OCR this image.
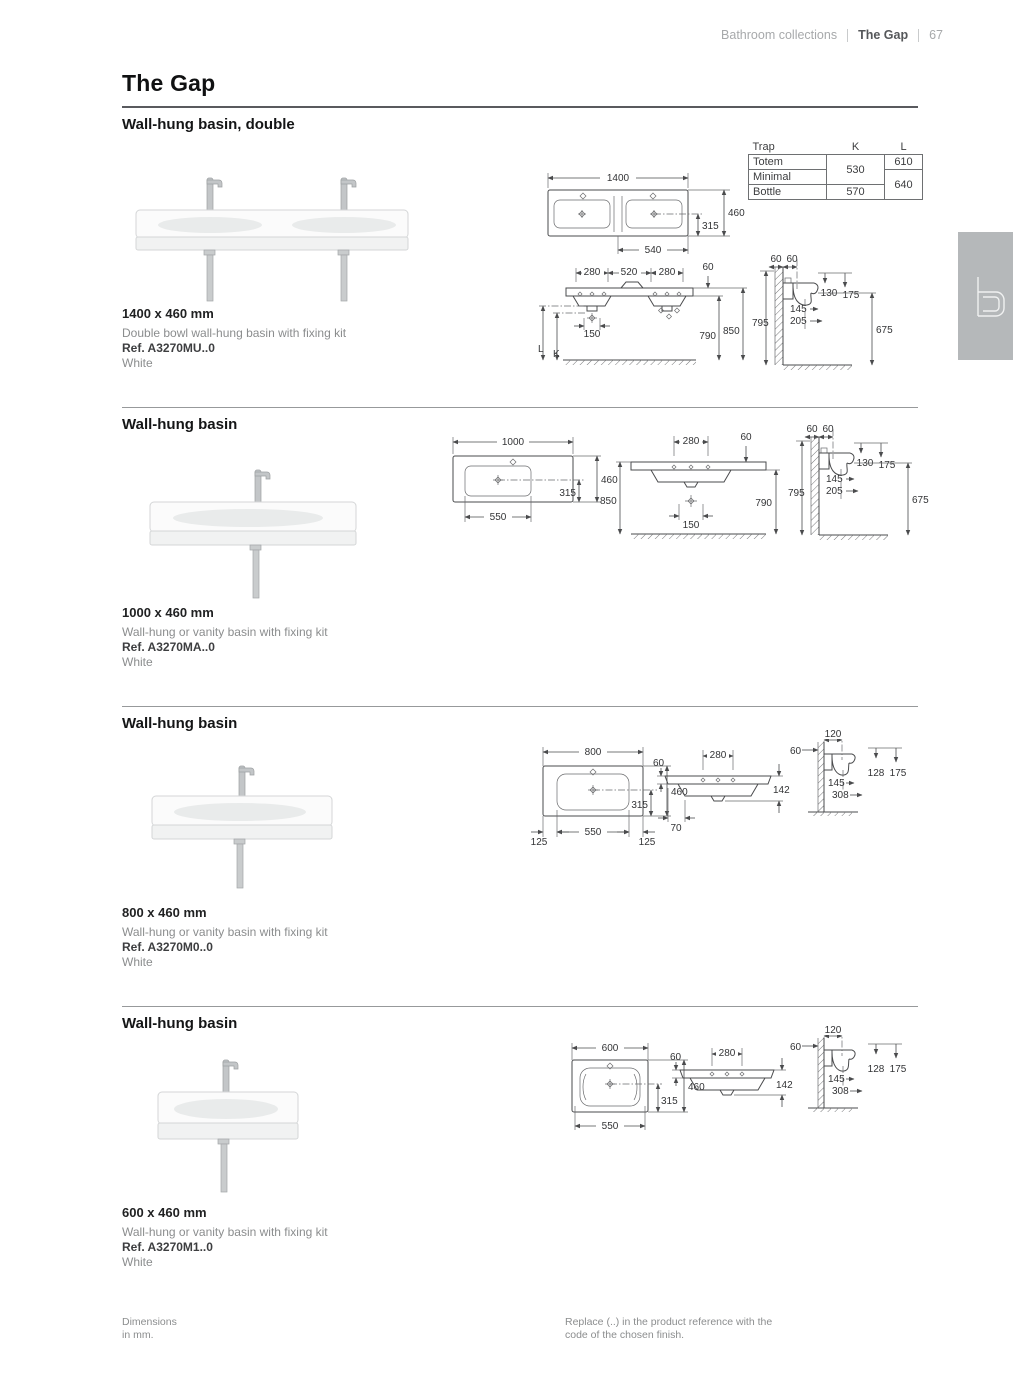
Bathroom collections The Gap 67
The Gap
Wall-hung basin, double
Trap	K	L
Totem	530	610
Minimal		640
Bottle	570	
1400
315
460
540
280 520 280	60
L K
150	790 850
60 60
130 175
145
205
795
675
1400 x 460 mm
Double bowl wall-hung basin with fixing kit
Ref. A3270MU..0
White
Wall-hung basin
1000
315
460
550
280	60
850	790
150
60 60
130 175
145
205
795
675
1000 x 460 mm
Wall-hung or vanity basin with fixing kit
Ref. A3270MA..0
White
Wall-hung basin
800
315
460
125
550
125
280
60
142
70
120
60
128 175
145
308
800 x 460 mm
Wall-hung or vanity basin with fixing kit
Ref. A3270M0..0
White
Wall-hung basin
600
315
460
550
280
60
142
120
60
128 175
145
308
600 x 460 mm
Wall-hung or vanity basin with fixing kit
Ref. A3270M1..0
White
Dimensions
in mm.
Replace (..) in the product reference with the
code of the chosen finish.
